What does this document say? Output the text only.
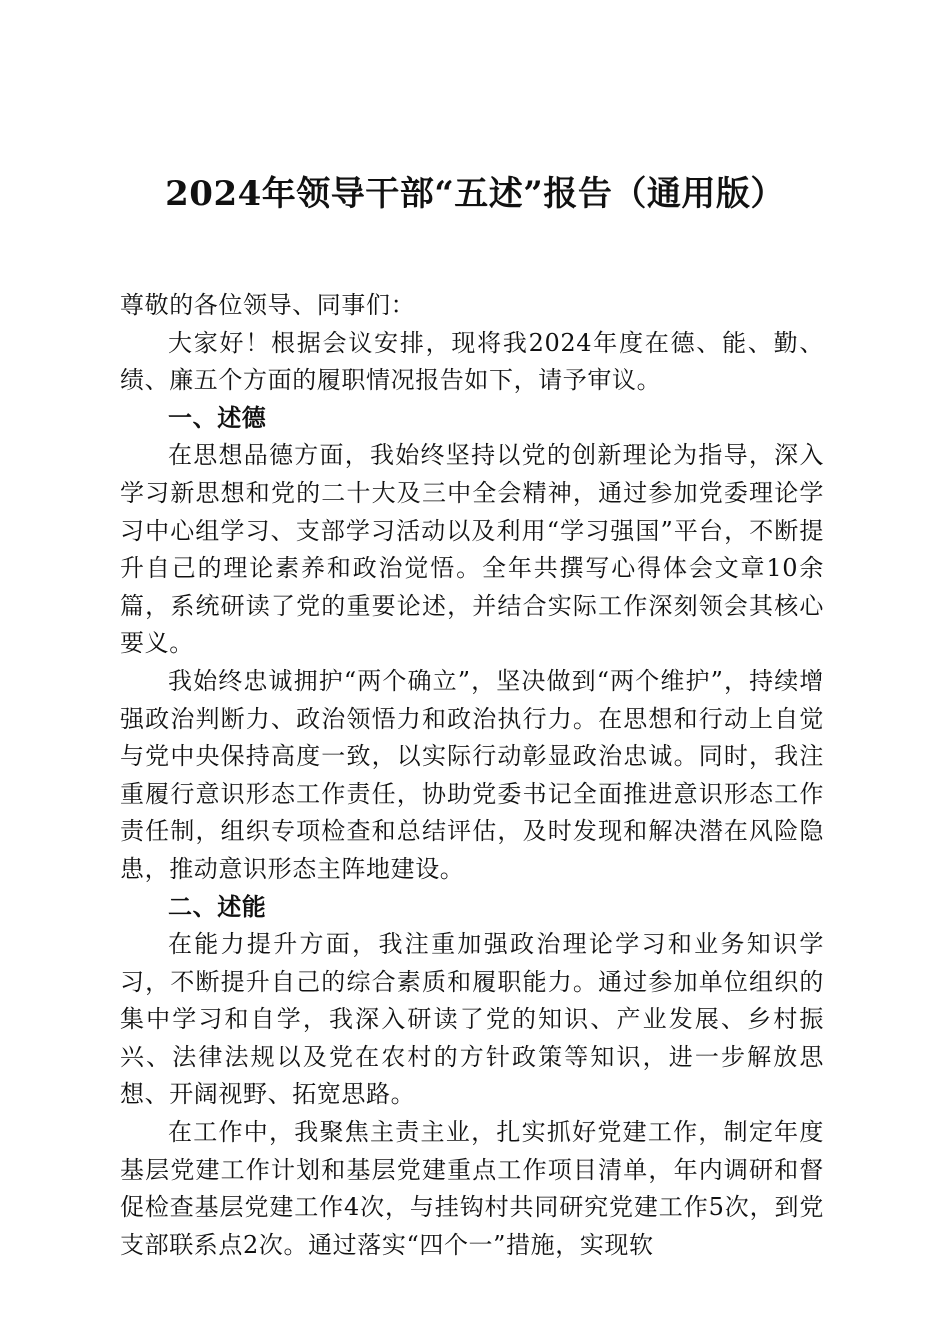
2024年领导干部“五述”报告（通用版）

尊敬的各位领导、同事们：

大家好！根据会议安排，现将我2024年度在德、能、勤、绩、廉五个方面的履职情况报告如下，请予审议。

一、述德

在思想品德方面，我始终坚持以党的创新理论为指导，深入学习新思想和党的二十大及三中全会精神，通过参加党委理论学习中心组学习、支部学习活动以及利用“学习强国”平台，不断提升自己的理论素养和政治觉悟。全年共撰写心得体会文章10余篇，系统研读了党的重要论述，并结合实际工作深刻领会其核心要义。

我始终忠诚拥护“两个确立”，坚决做到“两个维护”，持续增强政治判断力、政治领悟力和政治执行力。在思想和行动上自觉与党中央保持高度一致，以实际行动彰显政治忠诚。同时，我注重履行意识形态工作责任，协助党委书记全面推进意识形态工作责任制，组织专项检查和总结评估，及时发现和解决潜在风险隐患，推动意识形态主阵地建设。

二、述能

在能力提升方面，我注重加强政治理论学习和业务知识学习，不断提升自己的综合素质和履职能力。通过参加单位组织的集中学习和自学，我深入研读了党的知识、产业发展、乡村振兴、法律法规以及党在农村的方针政策等知识，进一步解放思想、开阔视野、拓宽思路。

在工作中，我聚焦主责主业，扎实抓好党建工作，制定年度基层党建工作计划和基层党建重点工作项目清单，年内调研和督促检查基层党建工作4次，与挂钩村共同研究党建工作5次，到党支部联系点2次。通过落实“四个一”措施，实现软
